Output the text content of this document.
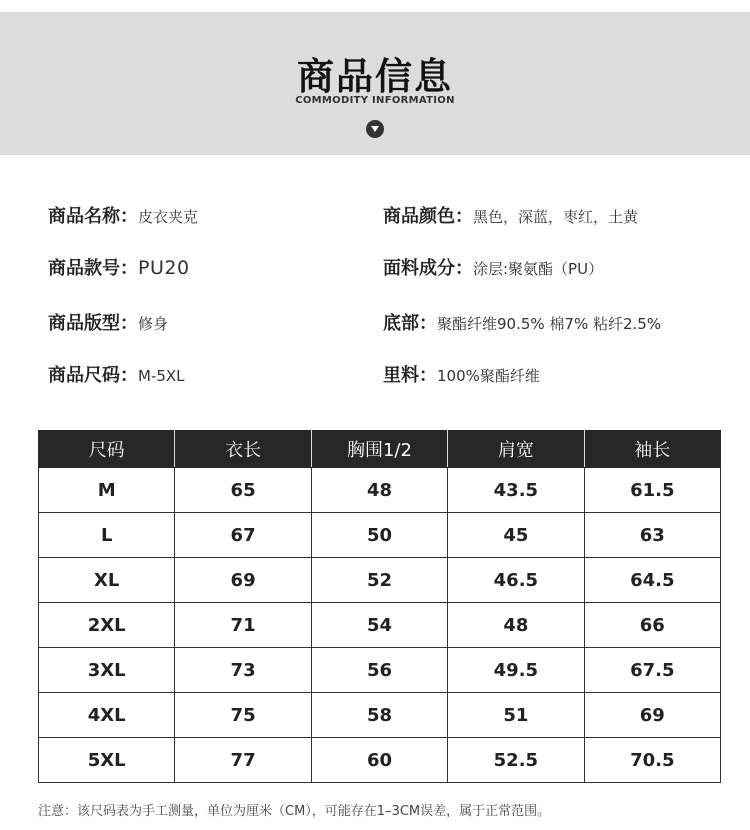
商品信息
COMMODITY INFORMATION
商品名称：皮衣夹克
商品款号：PU20
商品版型：修身
商品尺码：M-5XL
商品颜色：黑色，深蓝，枣红，土黄
面料成分：涂层:聚氨酯（PU）
底部：聚酯纤维90.5% 棉7% 粘纤2.5%
里料：100%聚酯纤维
尺码	衣长	胸围1/2	肩宽	袖长
M	65	48	43.5	61.5
L	67	50	45	63
XL	69	52	46.5	64.5
2XL	71	54	48	66
3XL	73	56	49.5	67.5
4XL	75	58	51	69
5XL	77	60	52.5	70.5
注意：该尺码表为手工测量，单位为厘米（CM），可能存在1–3CM误差，属于正常范围。
